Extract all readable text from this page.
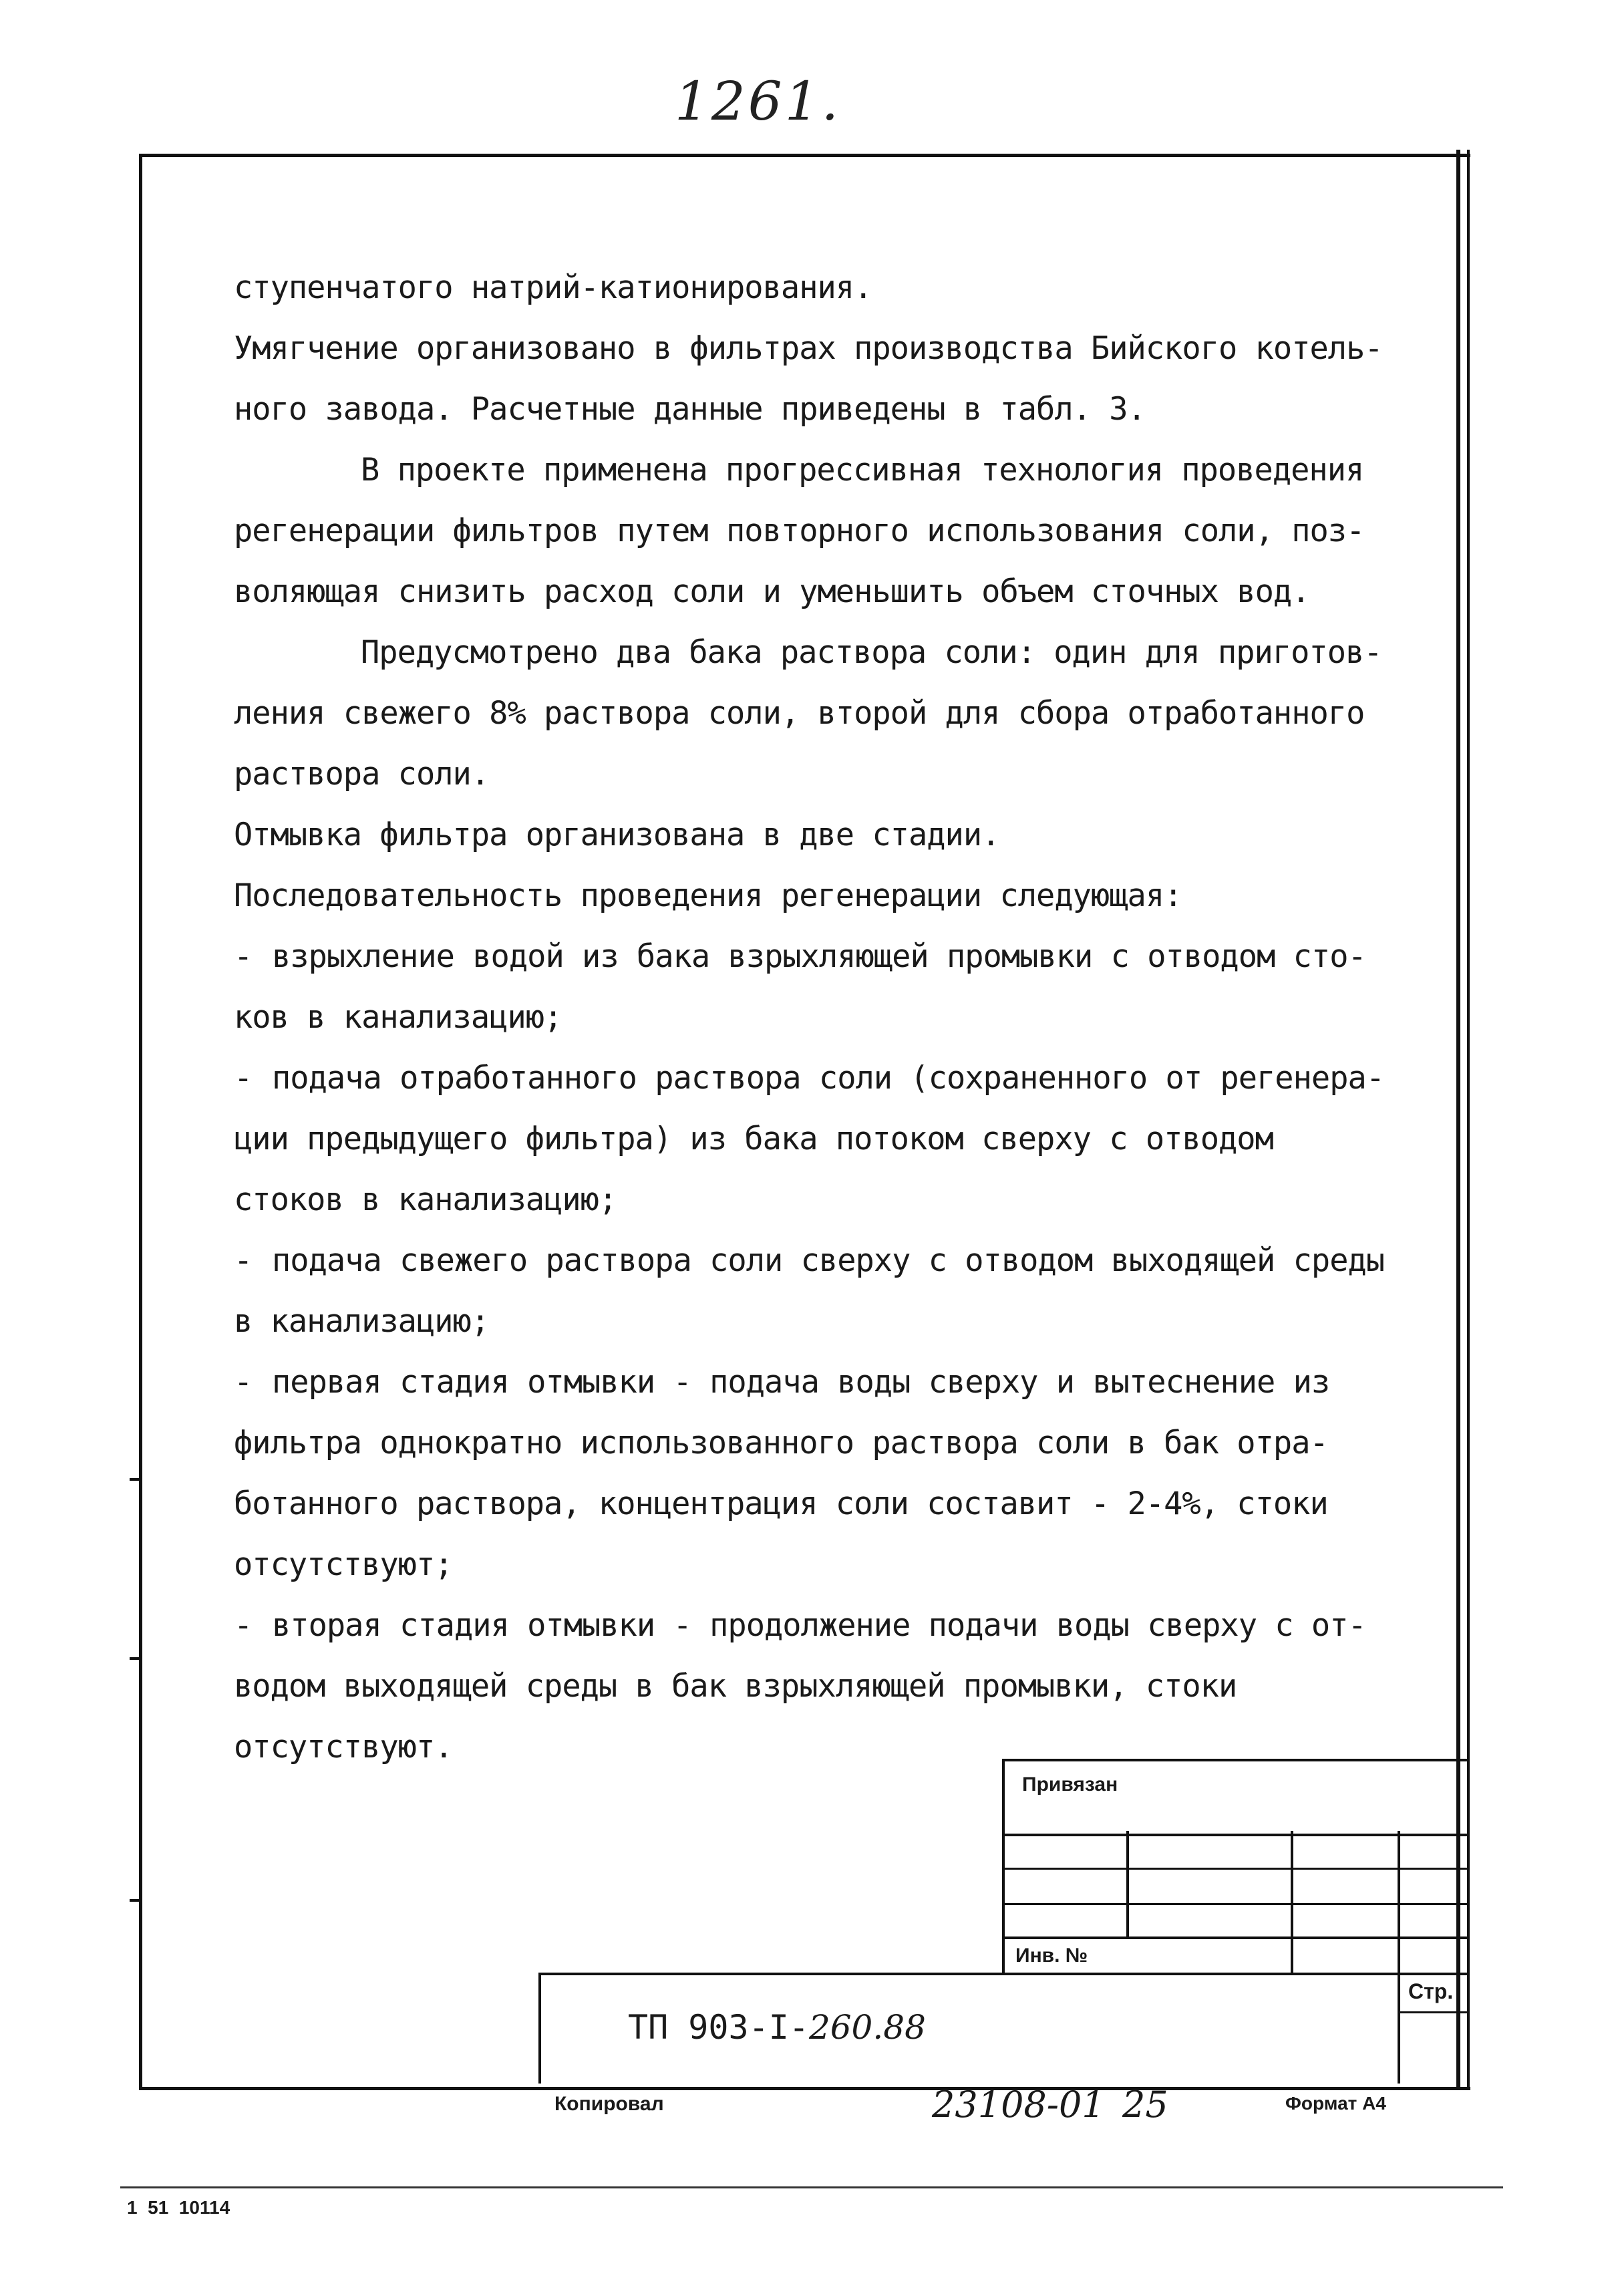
1261.

ступенчатого натрий-катионирования.

Умягчение организовано в фильтрах производства Бийского котель-

ного завода. Расчетные данные приведены в табл. 3.

В проекте применена прогрессивная технология проведения

регенерации фильтров путем повторного использования соли, поз-

воляющая снизить расход соли и уменьшить объем сточных вод.

Предусмотрено два бака раствора соли: один для приготов-

ления свежего 8% раствора соли, второй для сбора отработанного

раствора соли.

Отмывка фильтра организована в две стадии.

Последовательность проведения регенерации следующая:

- взрыхление водой из бака взрыхляющей промывки с отводом сто-

ков в канализацию;

- подача отработанного раствора соли (сохраненного от регенера-

ции предыдущего фильтра) из бака потоком сверху с отводом

стоков в канализацию;

- подача свежего раствора соли сверху с отводом выходящей среды

в канализацию;

- первая стадия отмывки - подача воды сверху и вытеснение из

фильтра однократно использованного раствора соли в бак отра-

ботанного раствора, концентрация соли составит - 2-4%, стоки

отсутствуют;

- вторая стадия отмывки - продолжение подачи воды сверху с от-

водом выходящей среды в бак взрыхляющей промывки, стоки

отсутствуют.

Привязан
Инв. №
ТП 903-I-260.88
Стр.
Копировал	23108-01 25	Формат А4
1  51  10114
